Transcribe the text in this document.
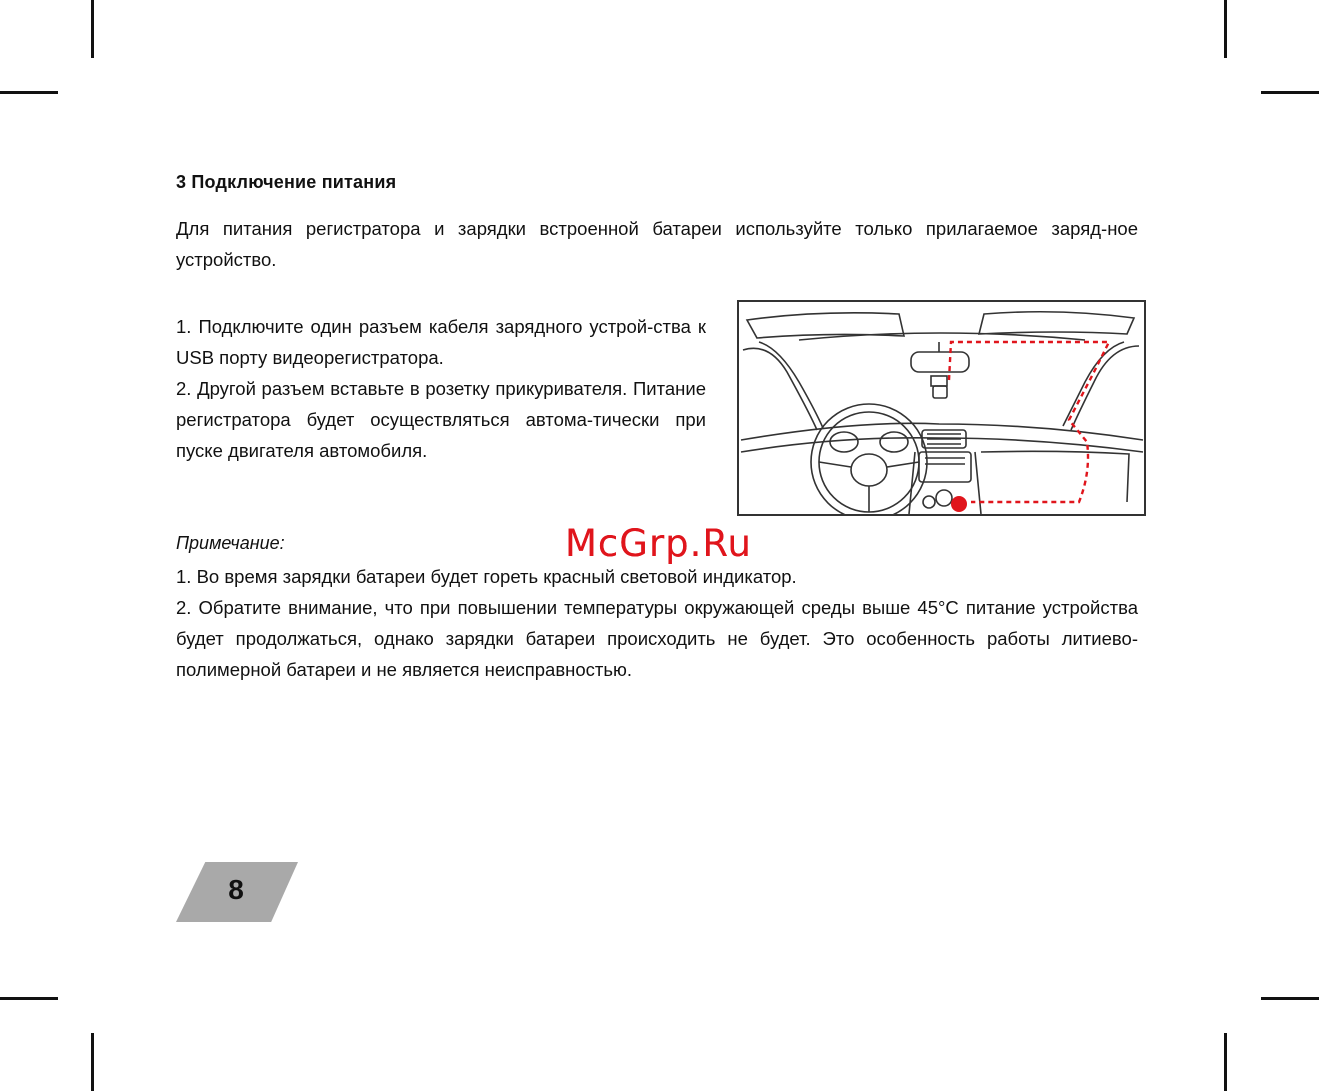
3 Подключение питания
Для питания регистратора и зарядки встроенной батареи используйте только прилагаемое заряд-ное устройство.
1. Подключите один разъем кабеля зарядного устрой-ства к USB порту видеорегистратора.
2. Другой разъем вставьте в розетку прикуривателя. Питание регистратора будет осуществляться автома-тически при пуске двигателя автомобиля.
McGrp.Ru
Примечание:
1. Во время зарядки батареи будет гореть красный световой индикатор.
2. Обратите внимание, что при повышении температуры окружающей среды выше 45°С питание устройства будет продолжаться, однако зарядки батареи происходить не будет. Это особенность работы литиево-полимерной батареи и не является неисправностью.
8
